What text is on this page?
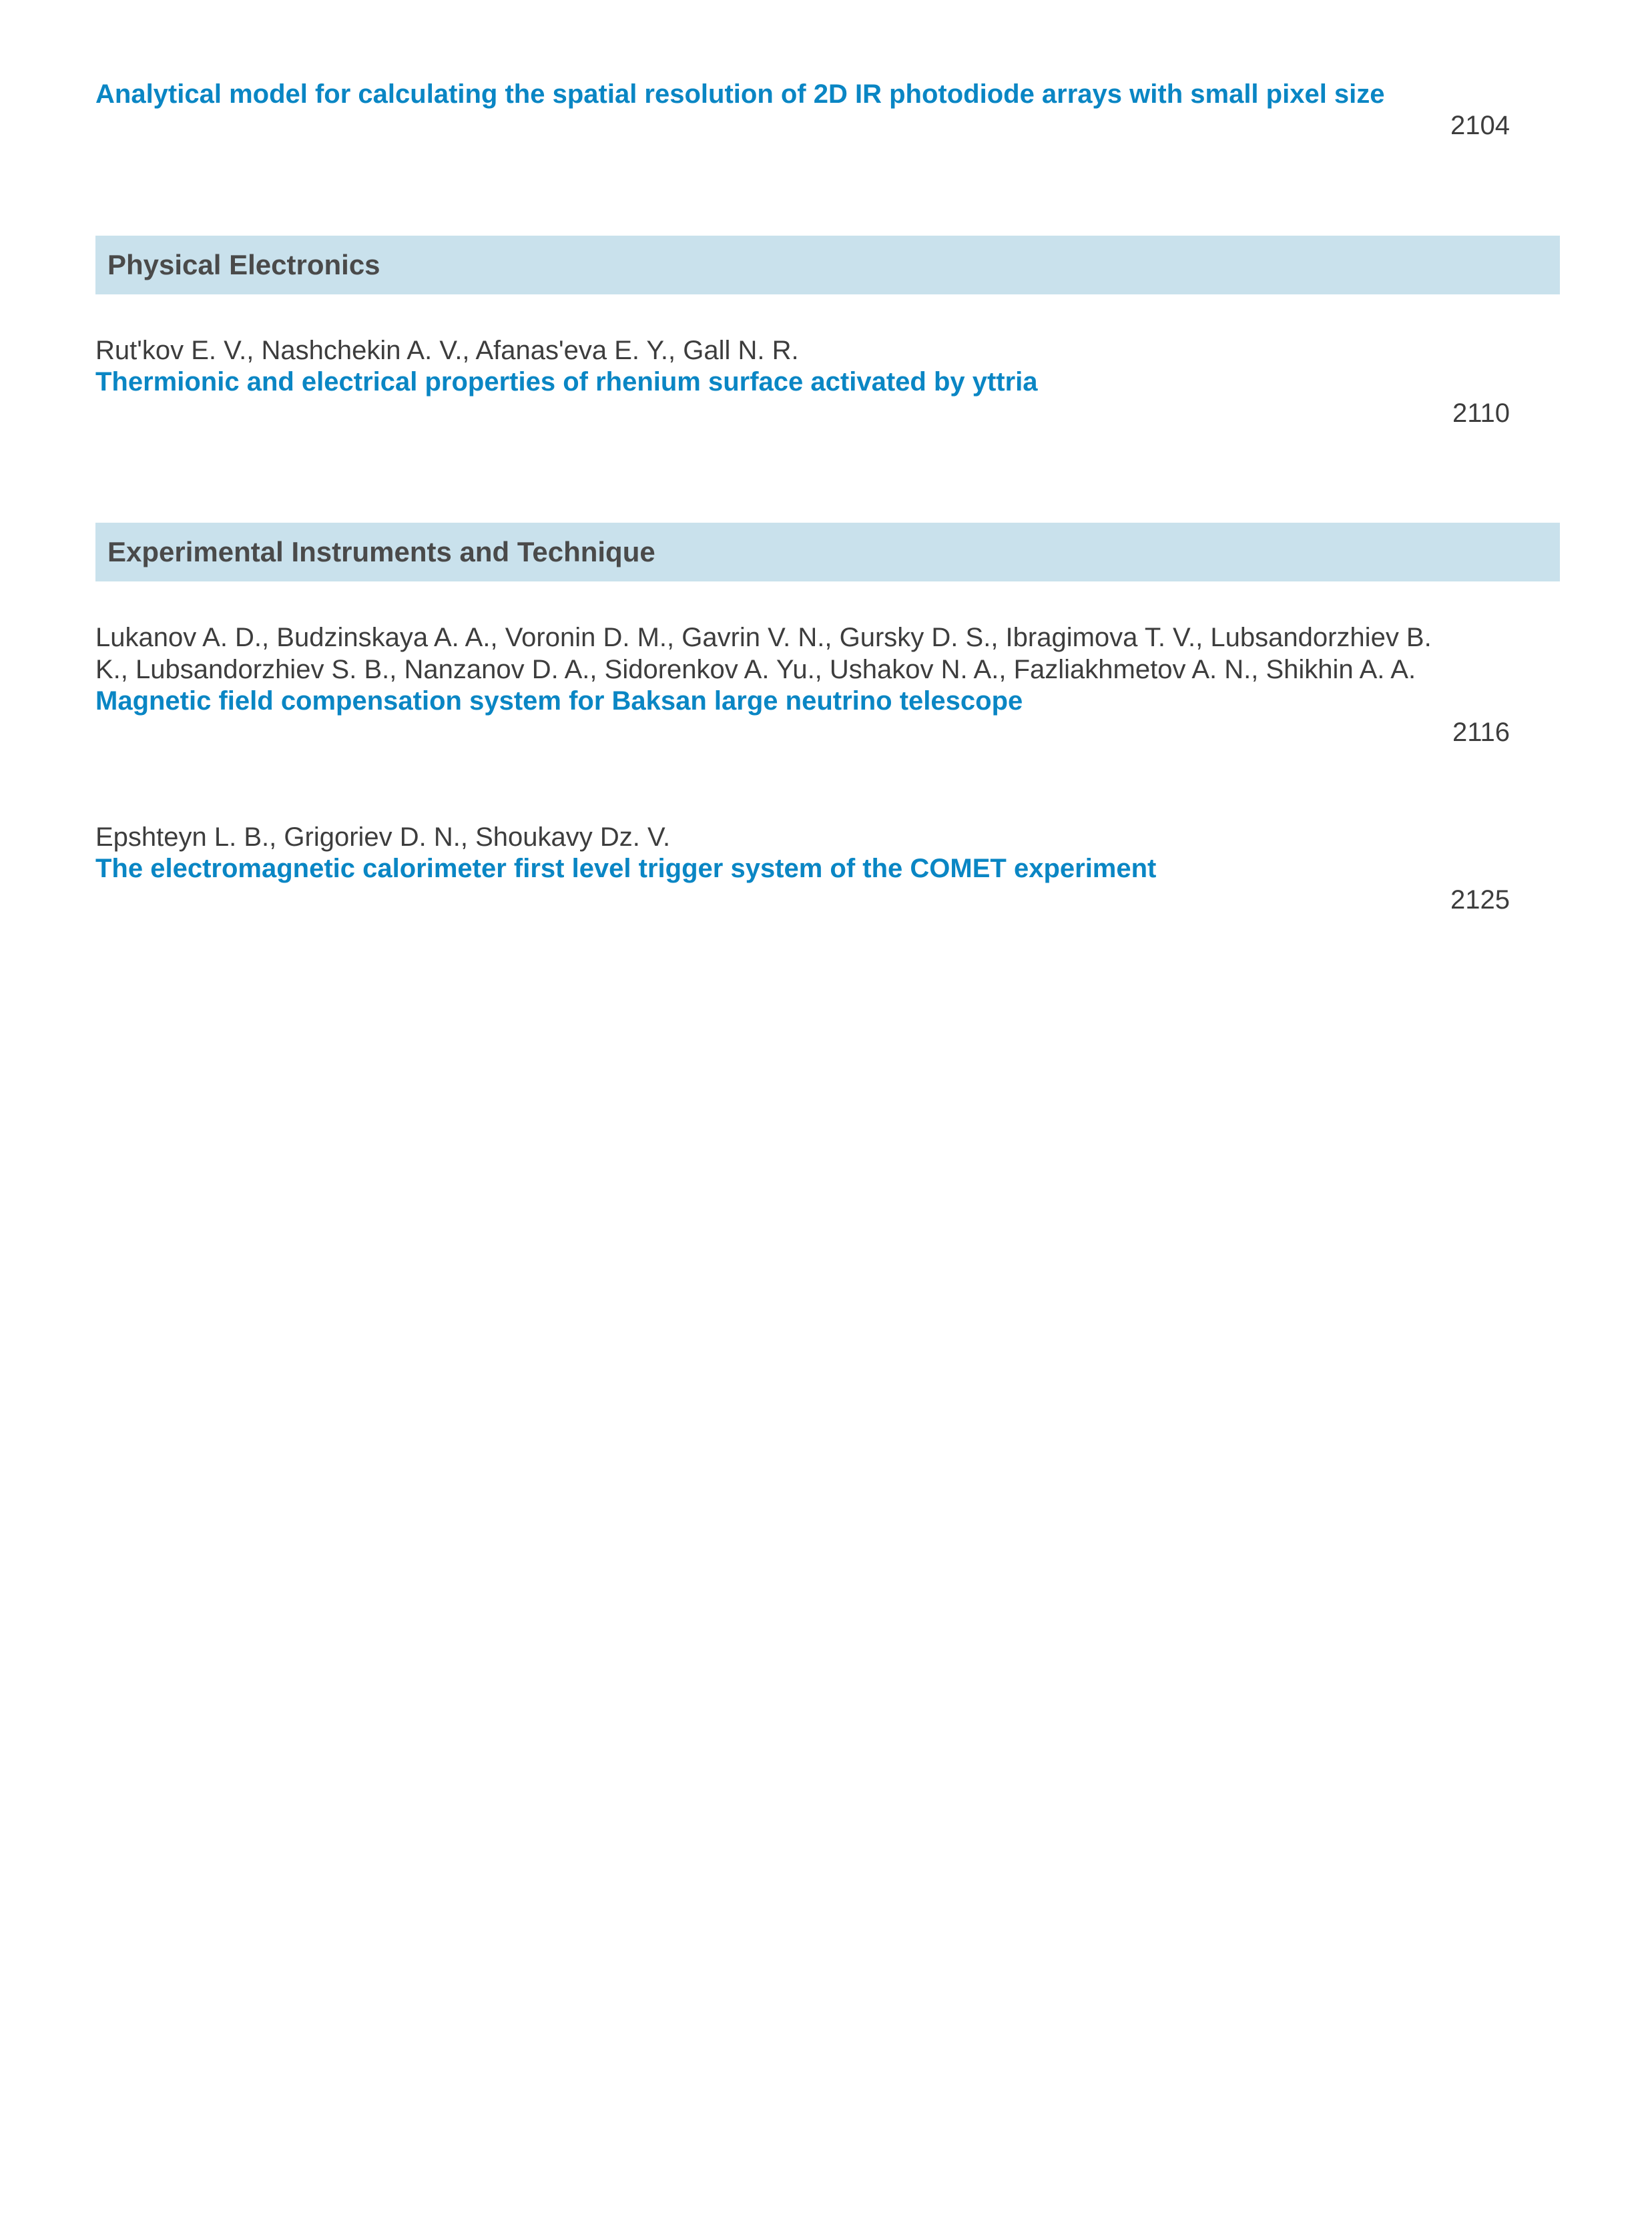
Analytical model for calculating the spatial resolution of 2D IR photodiode arrays with small pixel size
2104
Physical Electronics
Rut'kov E. V., Nashchekin A. V., Afanas'eva E. Y., Gall N. R.
Thermionic and electrical properties of rhenium surface activated by yttria
2110
Experimental Instruments and Technique
Lukanov A. D., Budzinskaya A. A., Voronin D. M., Gavrin V. N., Gursky D. S., Ibragimova T. V., Lubsandorzhiev B.
K., Lubsandorzhiev S. B., Nanzanov D. A., Sidorenkov A. Yu., Ushakov N. A., Fazliakhmetov A. N., Shikhin A. A.
Magnetic field compensation system for Baksan large neutrino telescope
2116
Epshteyn L. B., Grigoriev D. N., Shoukavy Dz. V.
The electromagnetic calorimeter first level trigger system of the COMET experiment
2125
